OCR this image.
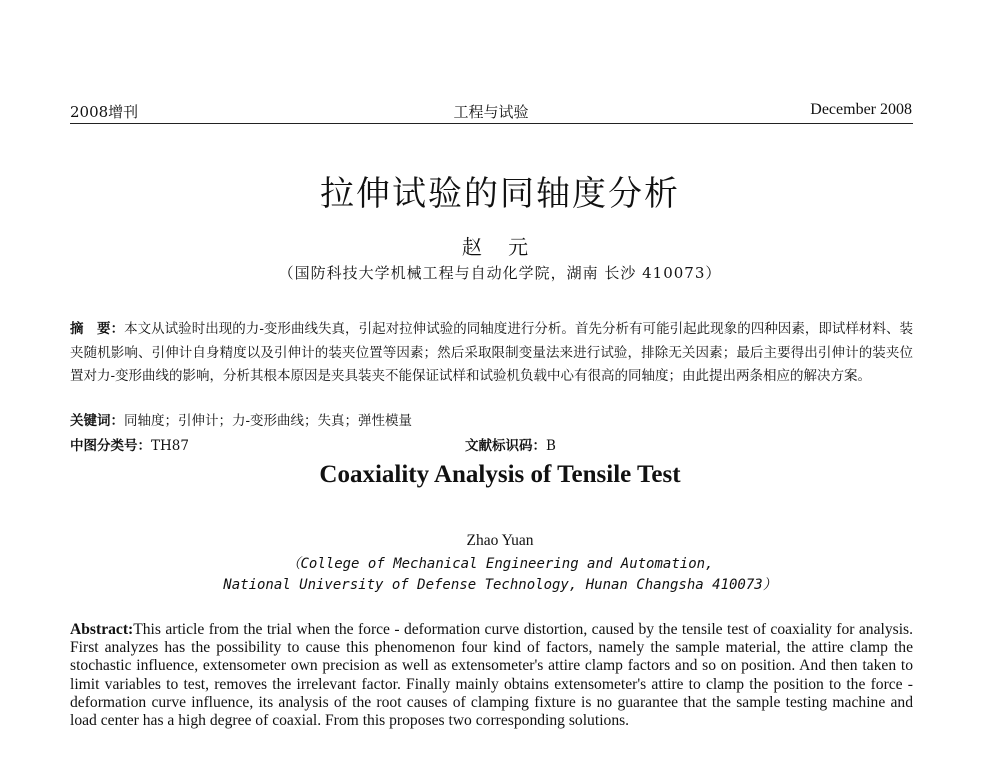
2008增刊	工程与试验	December 2008
拉伸试验的同轴度分析
赵 元
（国防科技大学机械工程与自动化学院，湖南 长沙 410073）
摘　要：本文从试验时出现的力-变形曲线失真，引起对拉伸试验的同轴度进行分析。首先分析有可能引起此现象的四种因素，即试样材料、装夹随机影响、引伸计自身精度以及引伸计的装夹位置等因素；然后采取限制变量法来进行试验，排除无关因素；最后主要得出引伸计的装夹位置对力-变形曲线的影响，分析其根本原因是夹具装夹不能保证试样和试验机负载中心有很高的同轴度；由此提出两条相应的解决方案。
关键词：同轴度；引伸计；力-变形曲线；失真；弹性模量
中图分类号：TH87	文献标识码：B
Coaxiality Analysis of Tensile Test
Zhao Yuan
（College of Mechanical Engineering and Automation,
National University of Defense Technology, Hunan Changsha 410073）
Abstract:This article from the trial when the force - deformation curve distortion, caused by the tensile test of coaxiality for analysis. First analyzes has the possibility to cause this phenomenon four kind of factors, namely the sample material, the attire clamp the stochastic influence, extensometer own precision as well as extensometer's attire clamp factors and so on position. And then taken to limit variables to test, removes the irrelevant factor. Finally mainly obtains extensometer's attire to clamp the position to the force - deformation curve influence, its analysis of the root causes of clamping fixture is no guarantee that the sample testing machine and load center has a high degree of coaxial. From this proposes two corresponding solutions.
